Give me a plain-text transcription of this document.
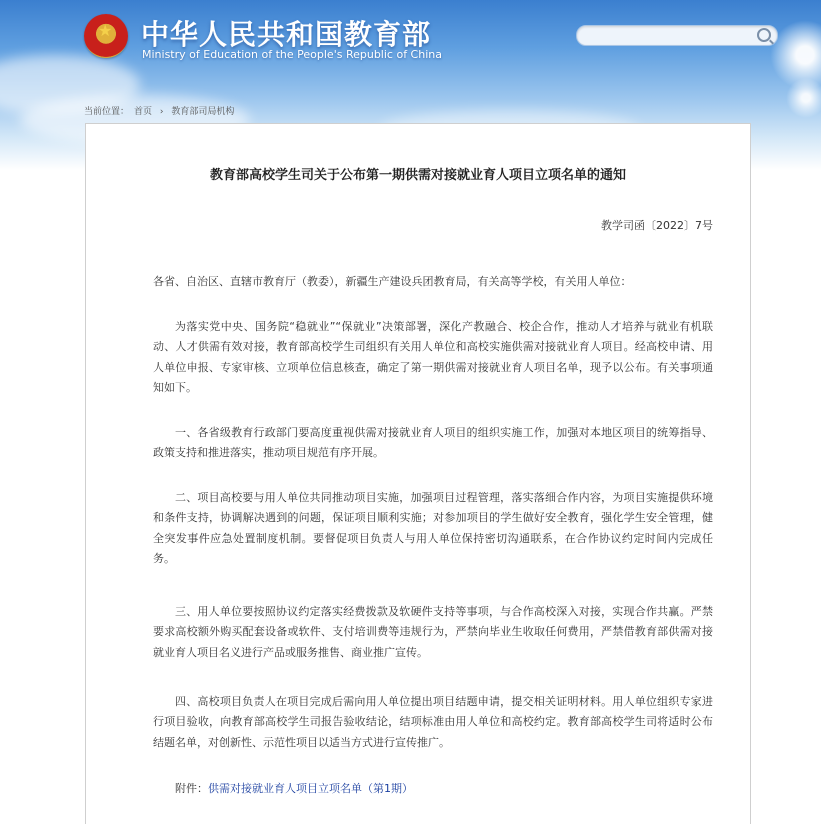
★ 中华人民共和国教育部
Ministry of Education of the People's Republic of China
当前位置： 首页 › 教育部司局机构
教育部高校学生司关于公布第一期供需对接就业育人项目立项名单的通知
教学司函〔2022〕7号
各省、自治区、直辖市教育厅（教委），新疆生产建设兵团教育局，有关高等学校，有关用人单位：
为落实党中央、国务院“稳就业”“保就业”决策部署，深化产教融合、校企合作，推动人才培养与就业有机联动、人才供需有效对接，教育部高校学生司组织有关用人单位和高校实施供需对接就业育人项目。经高校申请、用人单位申报、专家审核、立项单位信息核查，确定了第一期供需对接就业育人项目名单，现予以公布。有关事项通知如下。
一、各省级教育行政部门要高度重视供需对接就业育人项目的组织实施工作，加强对本地区项目的统筹指导、政策支持和推进落实，推动项目规范有序开展。
二、项目高校要与用人单位共同推动项目实施，加强项目过程管理，落实落细合作内容，为项目实施提供环境和条件支持，协调解决遇到的问题，保证项目顺利实施；对参加项目的学生做好安全教育，强化学生安全管理，健全突发事件应急处置制度机制。要督促项目负责人与用人单位保持密切沟通联系，在合作协议约定时间内完成任务。
三、用人单位要按照协议约定落实经费拨款及软硬件支持等事项，与合作高校深入对接，实现合作共赢。严禁要求高校额外购买配套设备或软件、支付培训费等违规行为，严禁向毕业生收取任何费用，严禁借教育部供需对接就业育人项目名义进行产品或服务推售、商业推广宣传。
四、高校项目负责人在项目完成后需向用人单位提出项目结题申请，提交相关证明材料。用人单位组织专家进行项目验收，向教育部高校学生司报告验收结论，结项标准由用人单位和高校约定。教育部高校学生司将适时公布结题名单，对创新性、示范性项目以适当方式进行宣传推广。
附件：供需对接就业育人项目立项名单（第1期）
